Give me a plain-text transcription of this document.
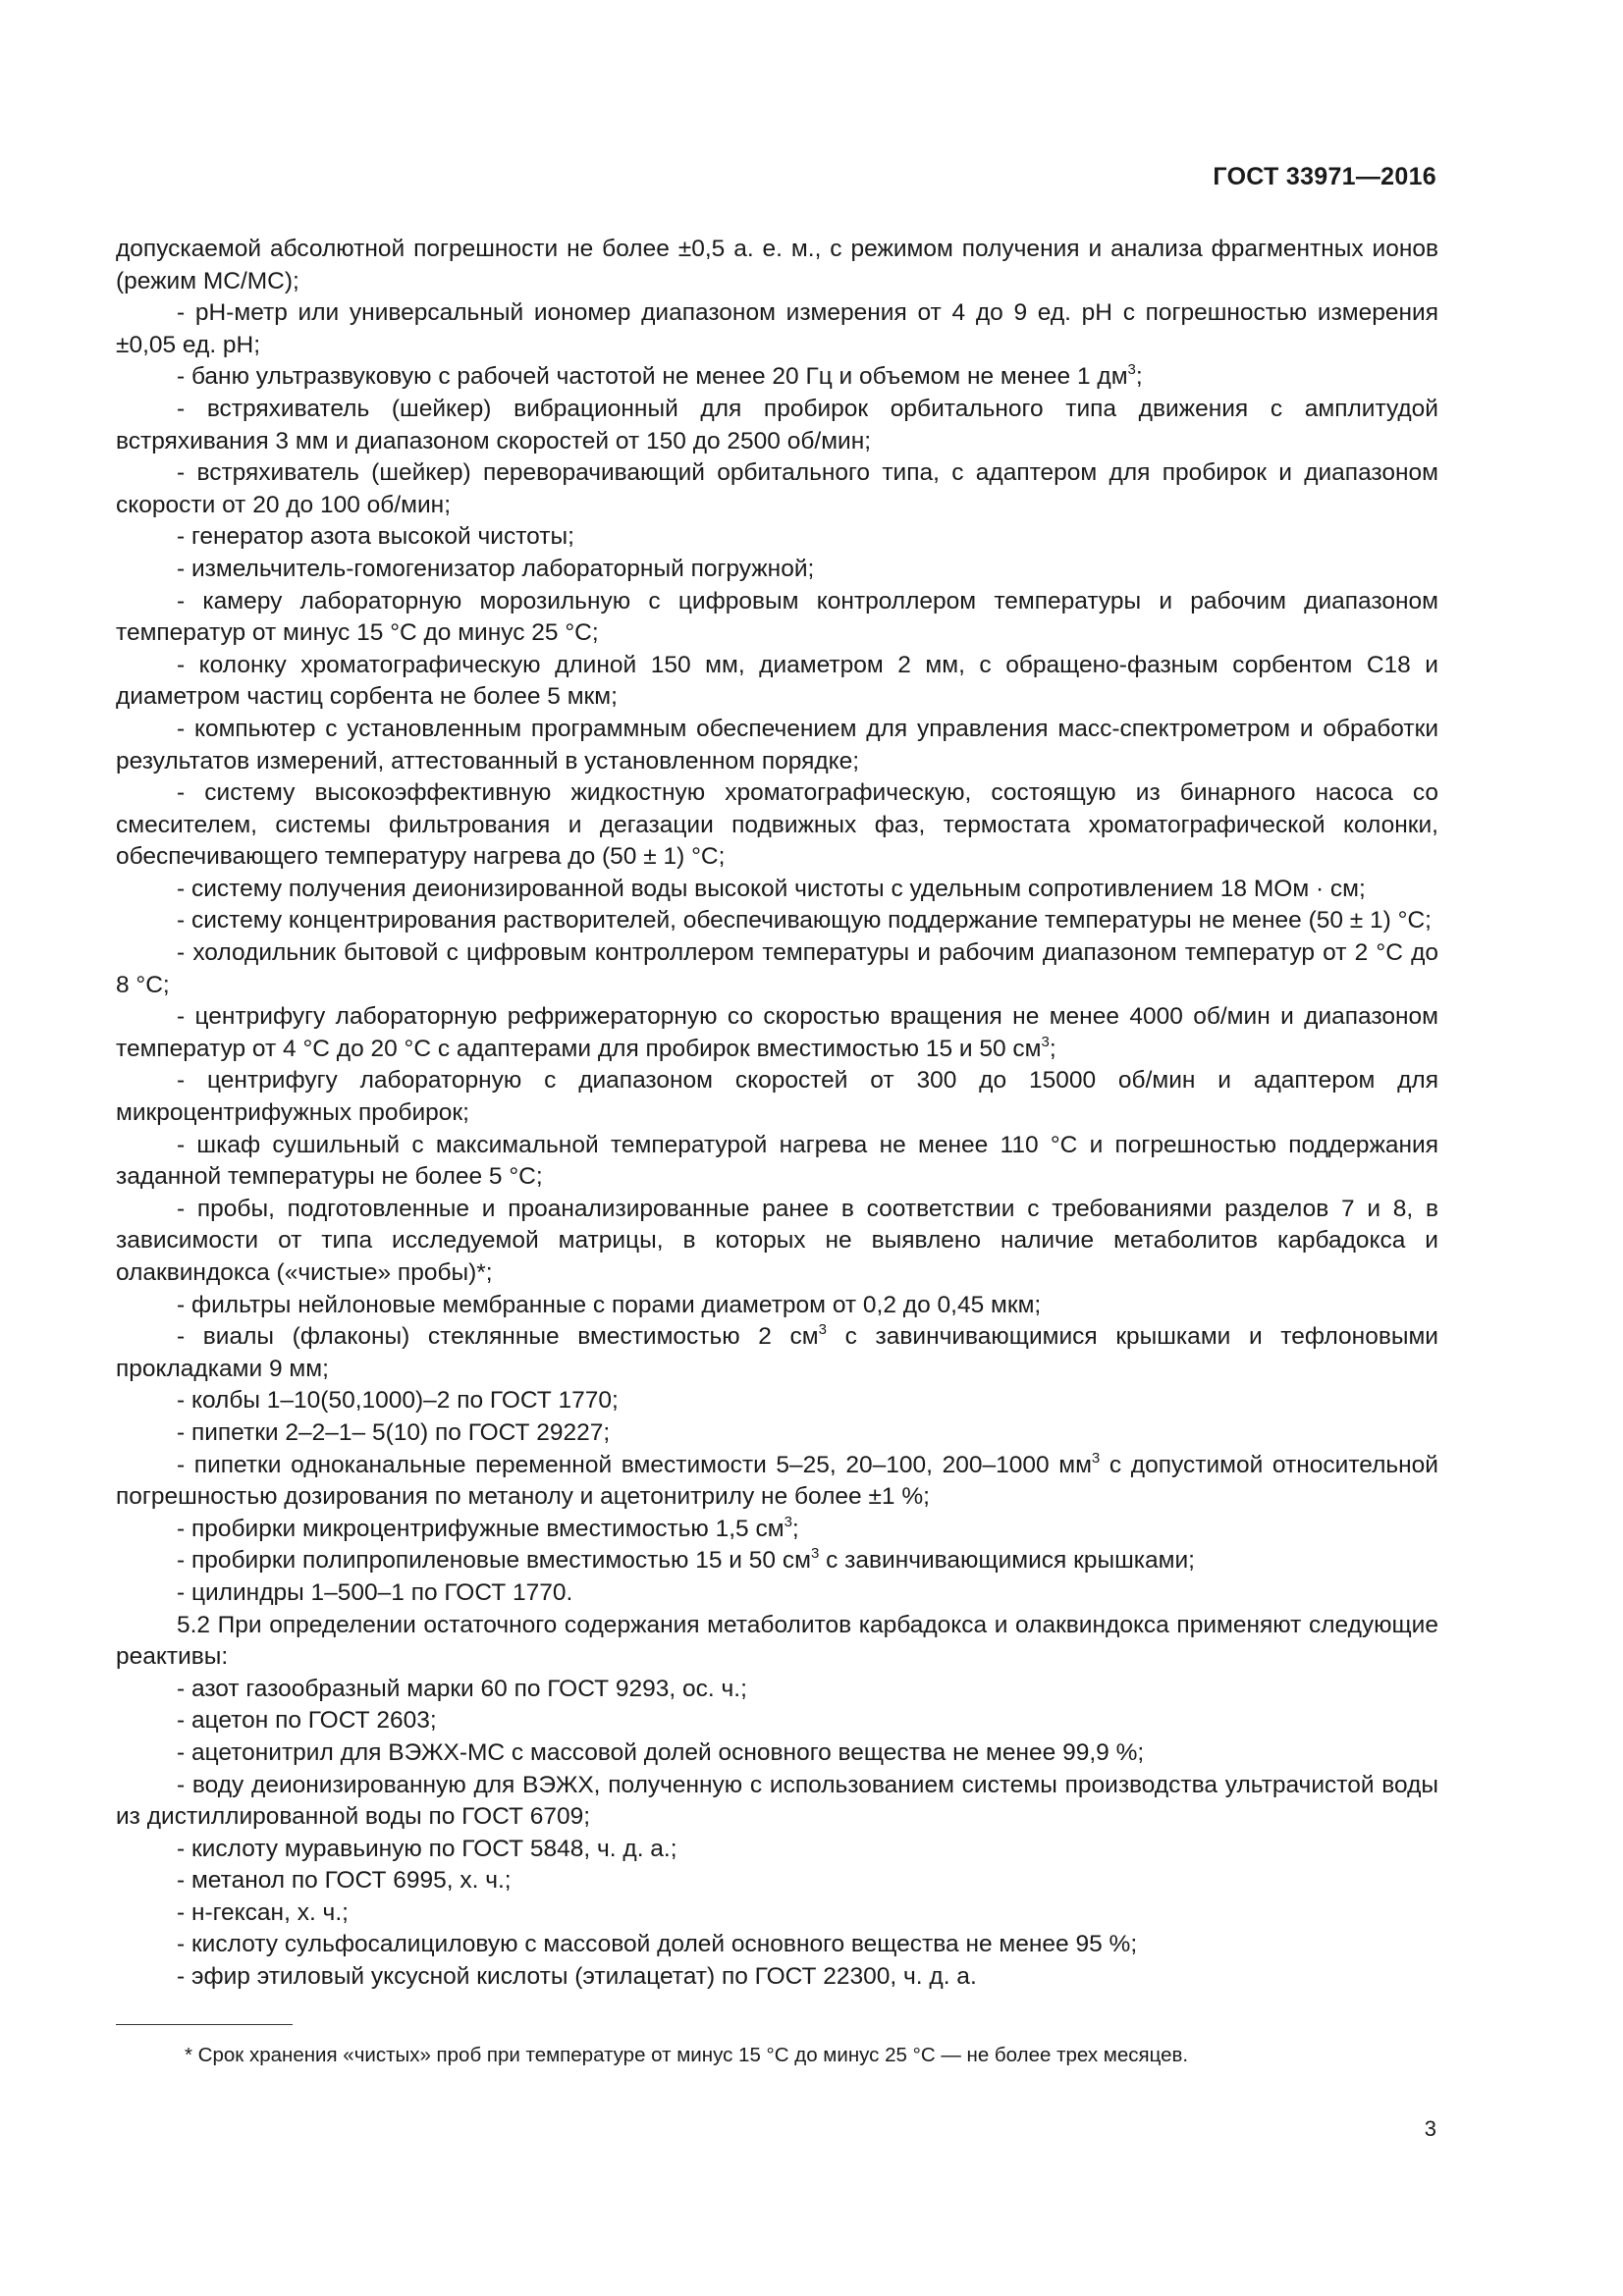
ГОСТ 33971—2016

допускаемой абсолютной погрешности не более ±0,5 а. е. м., с режимом получения и анализа фрагментных ионов (режим МС/МС);

- рН-метр или универсальный иономер диапазоном измерения от 4 до 9 ед. рН с погрешностью измерения ±0,05 ед. рН;

- баню ультразвуковую с рабочей частотой не менее 20 Гц и объемом не менее 1 $дм^3$;

- встряхиватель (шейкер) вибрационный для пробирок орбитального типа движения с амплитудой встряхивания 3 мм и диапазоном скоростей от 150 до 2500 об/мин;

- встряхиватель (шейкер) переворачивающий орбитального типа, с адаптером для пробирок и диапазоном скорости от 20 до 100 об/мин;

- генератор азота высокой чистоты;

- измельчитель-гомогенизатор лабораторный погружной;

- камеру лабораторную морозильную с цифровым контроллером температуры и рабочим диапазоном температур от минус 15 °С до минус 25 °С;

- колонку хроматографическую длиной 150 мм, диаметром 2 мм, с обращено-фазным сорбентом С18 и диаметром частиц сорбента не более 5 мкм;

- компьютер с установленным программным обеспечением для управления масс-спектрометром и обработки результатов измерений, аттестованный в установленном порядке;

- систему высокоэффективную жидкостную хроматографическую, состоящую из бинарного насоса со смесителем, системы фильтрования и дегазации подвижных фаз, термостата хроматографической колонки, обеспечивающего температуру нагрева до (50 ± 1) °С;

- систему получения деионизированной воды высокой чистоты с удельным сопротивлением 18 МОм · см;

- систему концентрирования растворителей, обеспечивающую поддержание температуры не менее (50 ± 1) °С;

- холодильник бытовой с цифровым контроллером температуры и рабочим диапазоном температур от 2 °С до 8 °С;

- центрифугу лабораторную рефрижераторную со скоростью вращения не менее 4000 об/мин и диапазоном температур от 4 °С до 20 °С с адаптерами для пробирок вместимостью 15 и 50 $см^3$;

- центрифугу лабораторную с диапазоном скоростей от 300 до 15000 об/мин и адаптером для микроцентрифужных пробирок;

- шкаф сушильный с максимальной температурой нагрева не менее 110 °С и погрешностью поддержания заданной температуры не более 5 °С;

- пробы, подготовленные и проанализированные ранее в соответствии с требованиями разделов 7 и 8, в зависимости от типа исследуемой матрицы, в которых не выявлено наличие метаболитов карбадокса и олаквиндокса («чистые» пробы)*;

- фильтры нейлоновые мембранные с порами диаметром от 0,2 до 0,45 мкм;

- виалы (флаконы) стеклянные вместимостью 2 $см^3$ с завинчивающимися крышками и тефлоновыми прокладками 9 мм;

- колбы 1–10(50,1000)–2 по ГОСТ 1770;

- пипетки 2–2–1– 5(10) по ГОСТ 29227;

- пипетки одноканальные переменной вместимости 5–25, 20–100, 200–1000 $мм^3$ с допустимой относительной погрешностью дозирования по метанолу и ацетонитрилу не более ±1 %;

- пробирки микроцентрифужные вместимостью 1,5 $см^3$;

- пробирки полипропиленовые вместимостью 15 и 50 $см^3$ с завинчивающимися крышками;

- цилиндры 1–500–1 по ГОСТ 1770.

5.2 При определении остаточного содержания метаболитов карбадокса и олаквиндокса применяют следующие реактивы:

- азот газообразный марки 60 по ГОСТ 9293, ос. ч.;

- ацетон по ГОСТ 2603;

- ацетонитрил для ВЭЖХ-МС с массовой долей основного вещества не менее 99,9 %;

- воду деионизированную для ВЭЖХ, полученную с использованием системы производства ультрачистой воды из дистиллированной воды по ГОСТ 6709;

- кислоту муравьиную по ГОСТ 5848, ч. д. а.;

- метанол по ГОСТ 6995, х. ч.;

- н-гексан, х. ч.;

- кислоту сульфосалициловую с массовой долей основного вещества не менее 95 %;

- эфир этиловый уксусной кислоты (этилацетат) по ГОСТ 22300, ч. д. а.

* Срок хранения «чистых» проб при температуре от минус 15 °С до минус 25 °С — не более трех месяцев.
3
